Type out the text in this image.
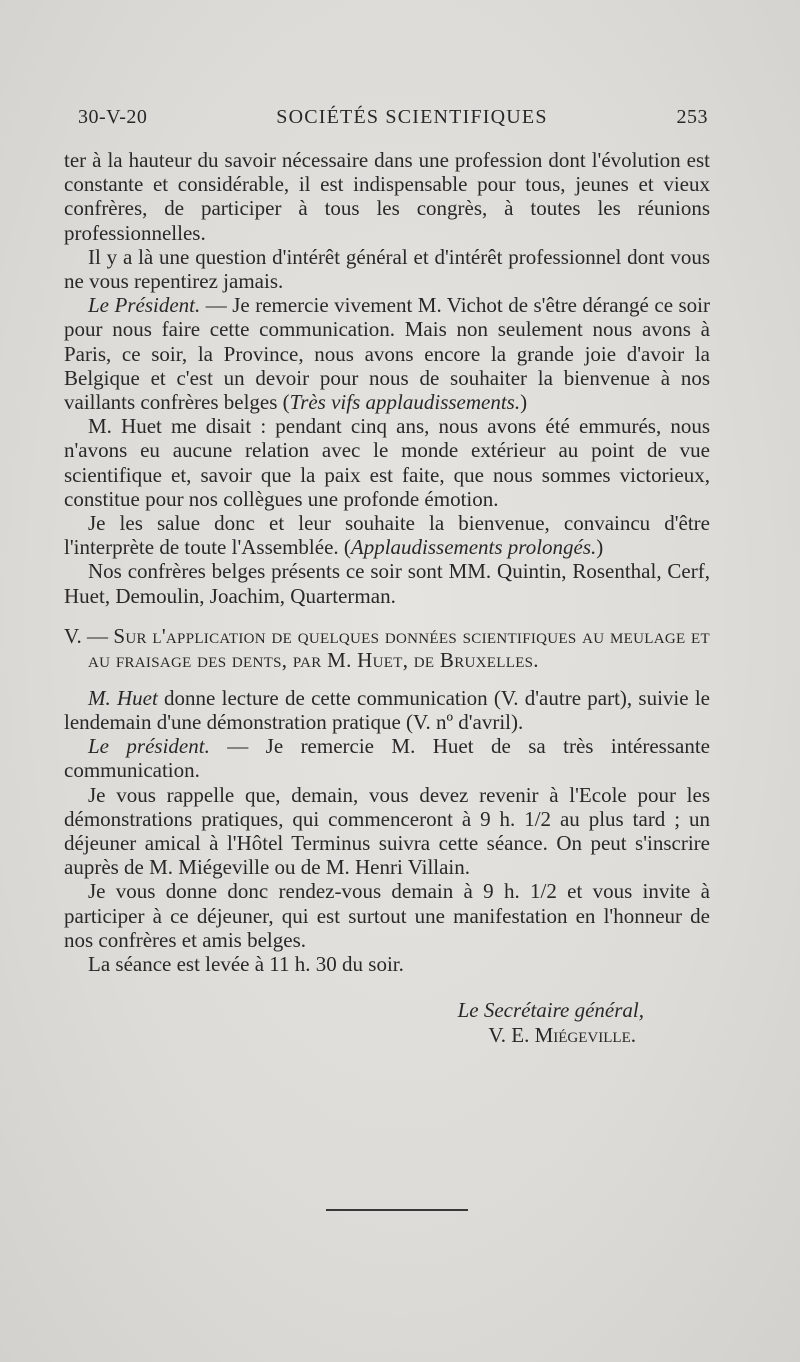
30-V-20	SOCIÉTÉS SCIENTIFIQUES	253

ter à la hauteur du savoir nécessaire dans une profession dont l'évolution est constante et considérable, il est indispensable pour tous, jeunes et vieux confrères, de participer à tous les congrès, à toutes les réunions professionnelles.

Il y a là une question d'intérêt général et d'intérêt professionnel dont vous ne vous repentirez jamais.

Le Président. — Je remercie vivement M. Vichot de s'être dérangé ce soir pour nous faire cette communication. Mais non seulement nous avons à Paris, ce soir, la Province, nous avons encore la grande joie d'avoir la Belgique et c'est un devoir pour nous de souhaiter la bienvenue à nos vaillants confrères belges (Très vifs applaudissements.)

M. Huet me disait : pendant cinq ans, nous avons été emmurés, nous n'avons eu aucune relation avec le monde extérieur au point de vue scientifique et, savoir que la paix est faite, que nous sommes victorieux, constitue pour nos collègues une profonde émotion.

Je les salue donc et leur souhaite la bienvenue, convaincu d'être l'interprète de toute l'Assemblée. (Applaudissements prolongés.)

Nos confrères belges présents ce soir sont MM. Quintin, Rosenthal, Cerf, Huet, Demoulin, Joachim, Quarterman.

V. — Sur l'application de quelques données scientifiques au meulage et au fraisage des dents, par M. Huet, de Bruxelles.

M. Huet donne lecture de cette communication (V. d'autre part), suivie le lendemain d'une démonstration pratique (V. nº d'avril).

Le président. — Je remercie M. Huet de sa très intéressante communication.

Je vous rappelle que, demain, vous devez revenir à l'Ecole pour les démonstrations pratiques, qui commenceront à 9 h. 1/2 au plus tard ; un déjeuner amical à l'Hôtel Terminus suivra cette séance. On peut s'inscrire auprès de M. Miégeville ou de M. Henri Villain.

Je vous donne donc rendez-vous demain à 9 h. 1/2 et vous invite à participer à ce déjeuner, qui est surtout une manifestation en l'honneur de nos confrères et amis belges.

La séance est levée à 11 h. 30 du soir.

Le Secrétaire général,

V. E. Miégeville.
